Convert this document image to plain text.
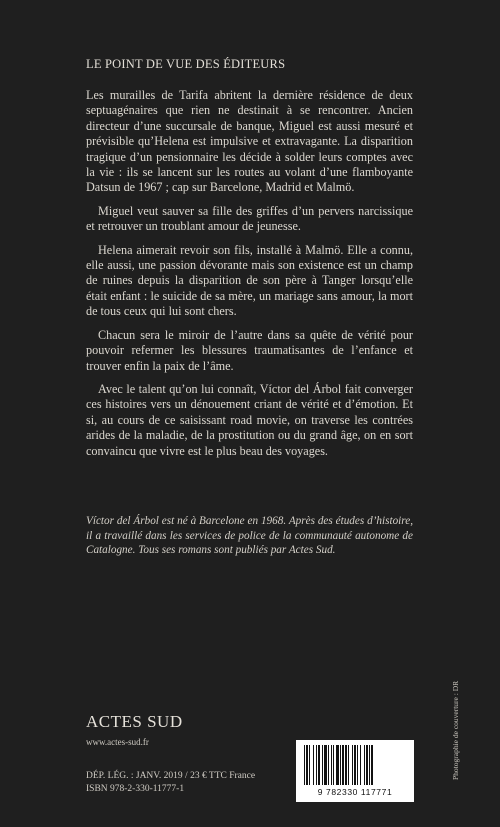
LE POINT DE VUE DES ÉDITEURS

Les murailles de Tarifa abritent la dernière résidence de deux septuagénaires que rien ne destinait à se rencontrer. Ancien directeur d’une succursale de banque, Miguel est aussi mesuré et prévisible qu’Helena est impulsive et extravagante. La disparition tragique d’un pensionnaire les décide à solder leurs comptes avec la vie : ils se lancent sur les routes au volant d’une flamboyante Datsun de 1967 ; cap sur Barcelone, Madrid et Malmö.

Miguel veut sauver sa fille des griffes d’un pervers narcissique et retrouver un troublant amour de jeunesse.

Helena aimerait revoir son fils, installé à Malmö. Elle a connu, elle aussi, une passion dévorante mais son existence est un champ de ruines depuis la disparition de son père à Tanger lorsqu’elle était enfant : le suicide de sa mère, un mariage sans amour, la mort de tous ceux qui lui sont chers.

Chacun sera le miroir de l’autre dans sa quête de vérité pour pouvoir refermer les blessures traumatisantes de l’enfance et trouver enfin la paix de l’âme.

Avec le talent qu’on lui connaît, Víctor del Árbol fait converger ces histoires vers un dénouement criant de vérité et d’émotion. Et si, au cours de ce saisissant road movie, on traverse les contrées arides de la maladie, de la prostitution ou du grand âge, on en sort convaincu que vivre est le plus beau des voyages.

Víctor del Árbol est né à Barcelone en 1968. Après des études d’histoire, il a travaillé dans les services de police de la communauté autonome de Catalogne. Tous ses romans sont publiés par Actes Sud.
Photographie de couverture : DR
ACTES SUD
www.actes-sud.fr
DÉP. LÉG. : JANV. 2019 / 23 € TTC France
ISBN 978-2-330-11777-1	9 782330 117771
